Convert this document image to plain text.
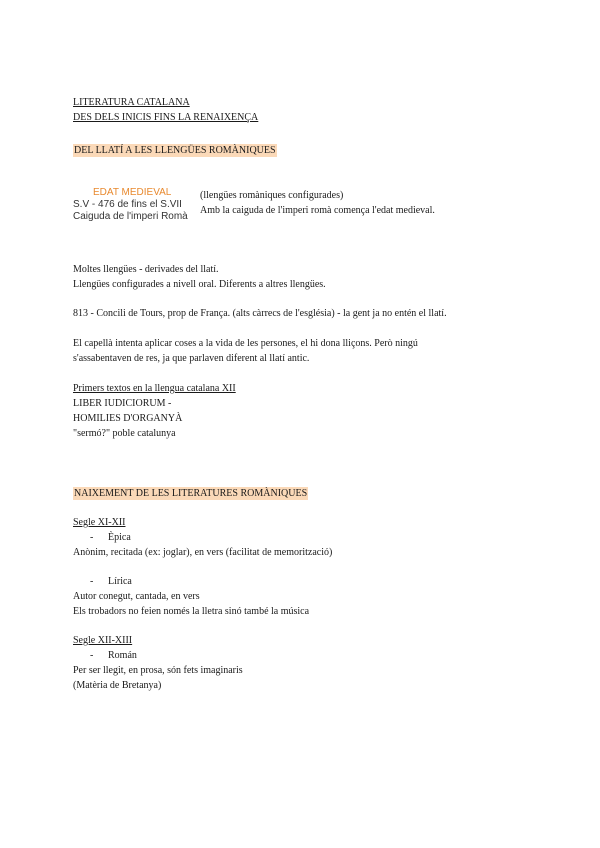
LITERATURA CATALANA
DES DELS INICIS FINS LA RENAIXENÇA
DEL LLATÍ A LES LLENGÜES ROMÀNIQUES
EDAT MEDIEVAL
S.V - 476 de fins el S.VII
Caiguda de l'imperi Romà
(llengües romàniques configurades)
Amb la caiguda de l'imperi romà comença l'edat medieval.
Moltes llengües - derivades del llatí.
Llengües configurades a nivell oral. Diferents a altres llengües.
813 - Concili de Tours, prop de França. (alts càrrecs de l'església) - la gent ja no entén el llatí.
El capellà intenta aplicar coses a la vida de les persones, el hi dona lliçons. Però ningú
s'assabentaven de res, ja que parlaven diferent al llatí antic.
Primers textos en la llengua catalana XII
LIBER IUDICIORUM -
HOMILIES D'ORGANYÀ
"sermó?" poble catalunya
NAIXEMENT DE LES LITERATURES ROMÀNIQUES
Segle XI-XII
- Èpica
Anònim, recitada (ex: joglar), en vers (facilitat de memorització)
- Lírica
Autor conegut, cantada, en vers
Els trobadors no feien només la lletra sinó també la música
Segle XII-XIII
- Román
Per ser llegit, en prosa, són fets imaginaris
(Matèria de Bretanya)
